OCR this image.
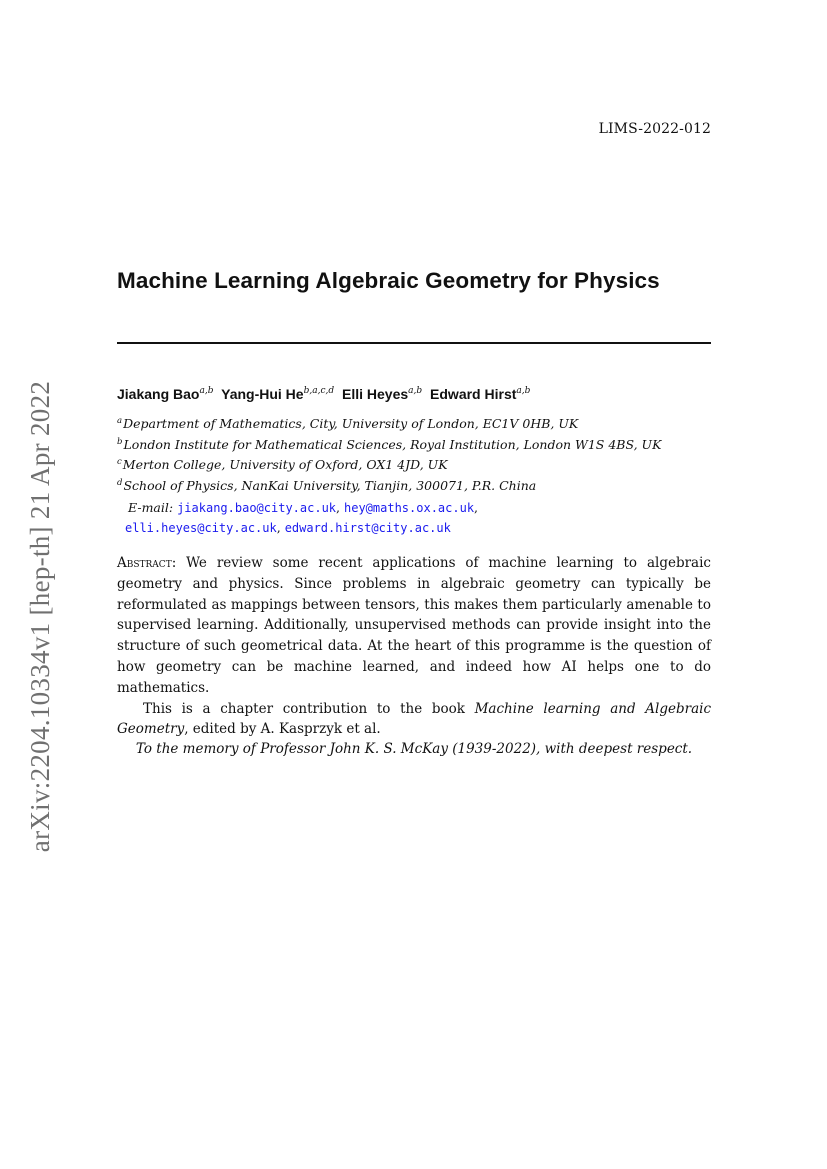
LIMS-2022-012
arXiv:2204.10334v1 [hep-th] 21 Apr 2022
Machine Learning Algebraic Geometry for Physics
Jiakang Bao$^{a,b}$ Yang-Hui He$^{b,a,c,d}$ Elli Heyes$^{a,b}$ Edward Hirst$^{a,b}$
$^a$Department of Mathematics, City, University of London, EC1V 0HB, UK
$^b$London Institute for Mathematical Sciences, Royal Institution, London W1S 4BS, UK
$^c$Merton College, University of Oxford, OX1 4JD, UK
$^d$School of Physics, NanKai University, Tianjin, 300071, P.R. China
E-mail: jiakang.bao@city.ac.uk, hey@maths.ox.ac.uk,
elli.heyes@city.ac.uk, edward.hirst@city.ac.uk

Abstract: We review some recent applications of machine learning to algebraic geometry and physics. Since problems in algebraic geometry can typically be reformulated as mappings between tensors, this makes them particularly amenable to supervised learning. Additionally, unsupervised methods can provide insight into the structure of such geometrical data. At the heart of this programme is the question of how geometry can be machine learned, and indeed how AI helps one to do mathematics.

This is a chapter contribution to the book Machine learning and Algebraic Geometry, edited by A. Kasprzyk et al.

To the memory of Professor John K. S. McKay (1939-2022), with deepest respect.
